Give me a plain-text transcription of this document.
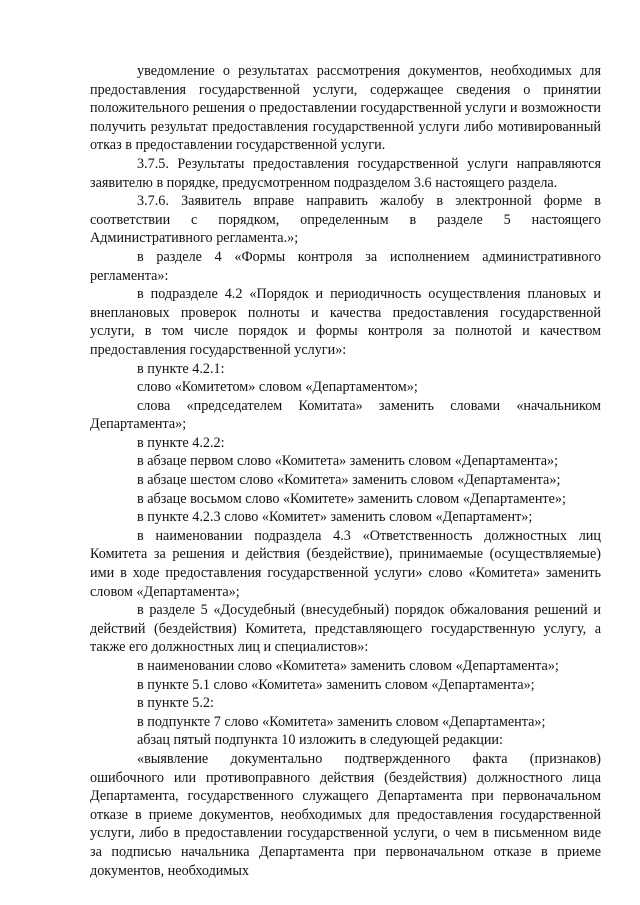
уведомление о результатах рассмотрения документов, необходимых для предоставления государственной услуги, содержащее сведения о принятии положительного решения о предоставлении государственной услуги и возможности получить результат предоставления государственной услуги либо мотивированный отказ в предоставлении государственной услуги.

3.7.5. Результаты предоставления государственной услуги направляются заявителю в порядке, предусмотренном подразделом 3.6 настоящего раздела.

3.7.6. Заявитель вправе направить жалобу в электронной форме в соответствии с порядком, определенным в разделе 5 настоящего Административного регламента.»;

в разделе 4 «Формы контроля за исполнением административного регламента»:

в подразделе 4.2 «Порядок и периодичность осуществления плановых и внеплановых проверок полноты и качества предоставления государственной услуги, в том числе порядок и формы контроля за полнотой и качеством предоставления государственной услуги»:

в пункте 4.2.1:

слово «Комитетом» словом «Департаментом»;

слова «председателем Комитата» заменить словами «начальником Департамента»;

в пункте 4.2.2:

в абзаце первом слово «Комитета» заменить словом «Департамента»;

в абзаце шестом слово «Комитета» заменить словом «Департамента»;

в абзаце восьмом слово «Комитете» заменить словом «Департаменте»;

в пункте 4.2.3 слово «Комитет» заменить словом «Департамент»;

в наименовании подраздела 4.3 «Ответственность должностных лиц Комитета за решения и действия (бездействие), принимаемые (осуществляемые) ими в ходе предоставления государственной услуги» слово «Комитета» заменить словом «Департамента»;

в разделе 5 «Досудебный (внесудебный) порядок обжалования решений и действий (бездействия) Комитета, представляющего государственную услугу, а также его должностных лиц и специалистов»:

в наименовании слово «Комитета» заменить словом «Департамента»;

в пункте 5.1 слово «Комитета» заменить словом «Департамента»;

в пункте 5.2:

в подпункте 7 слово «Комитета» заменить словом «Департамента»;

абзац пятый подпункта 10 изложить в следующей редакции:

«выявление документально подтвержденного факта (признаков) ошибочного или противоправного действия (бездействия) должностного лица Департамента, государственного служащего Департамента при первоначальном отказе в приеме документов, необходимых для предоставления государственной услуги, либо в предоставлении государственной услуги, о чем в письменном виде за подписью начальника Департамента при первоначальном отказе в приеме документов, необходимых
